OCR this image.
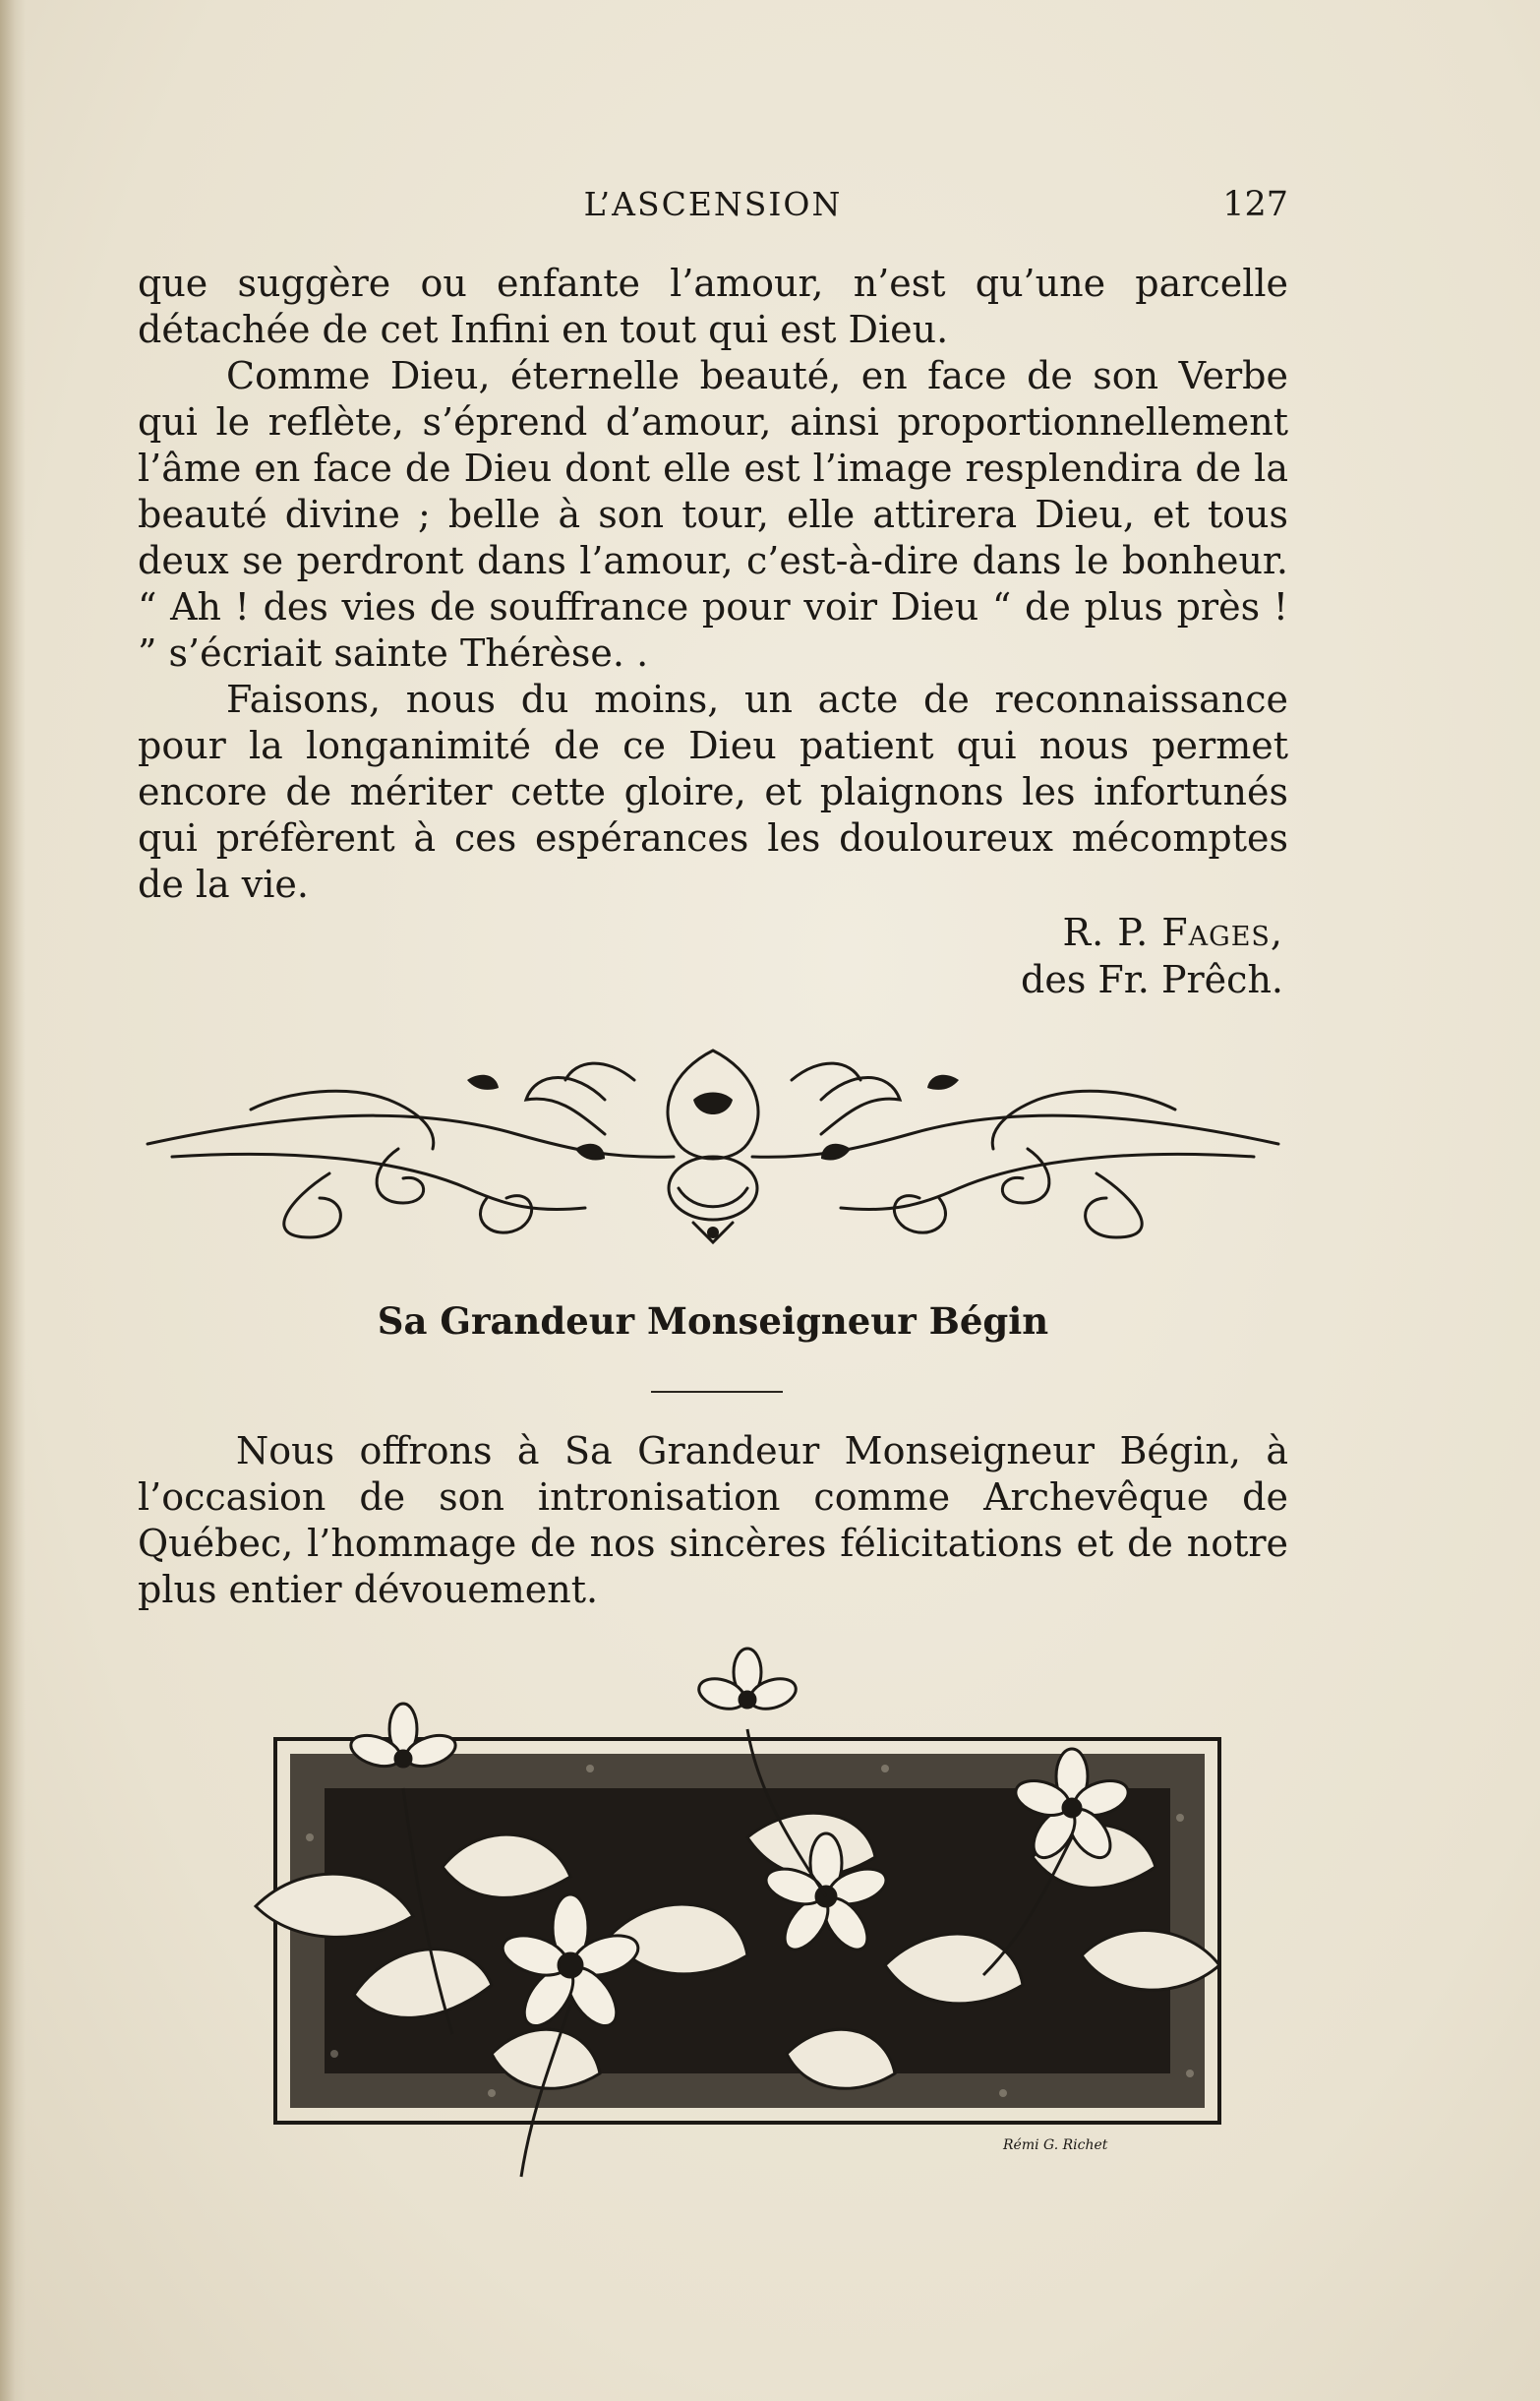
L’ASCENSION	127

que suggère ou enfante l’amour, n’est qu’une parcelle détachée de cet Infini en tout qui est Dieu.

Comme Dieu, éternelle beauté, en face de son Verbe qui le reflète, s’éprend d’amour, ainsi proportionnellement l’âme en face de Dieu dont elle est l’image resplendira de la beauté divine ; belle à son tour, elle attirera Dieu, et tous deux se perdront dans l’amour, c’est-à-dire dans le bonheur. “ Ah ! des vies de souffrance pour voir Dieu “ de plus près ! ” s’écriait sainte Thérèse. .

Faisons, nous du moins, un acte de reconnaissance pour la longanimité de ce Dieu patient qui nous permet encore de mériter cette gloire, et plaignons les infortunés qui préfèrent à ces espérances les douloureux mécomptes de la vie.

R. P. Fages,
des Fr. Prêch.
Sa Grandeur Monseigneur Bégin
Nous offrons à Sa Grandeur Monseigneur Bégin, à l’occasion de son intronisation comme Archevêque de Québec, l’hommage de nos sincères félicitations et de notre plus entier dévouement.
Rémi G. Richet
